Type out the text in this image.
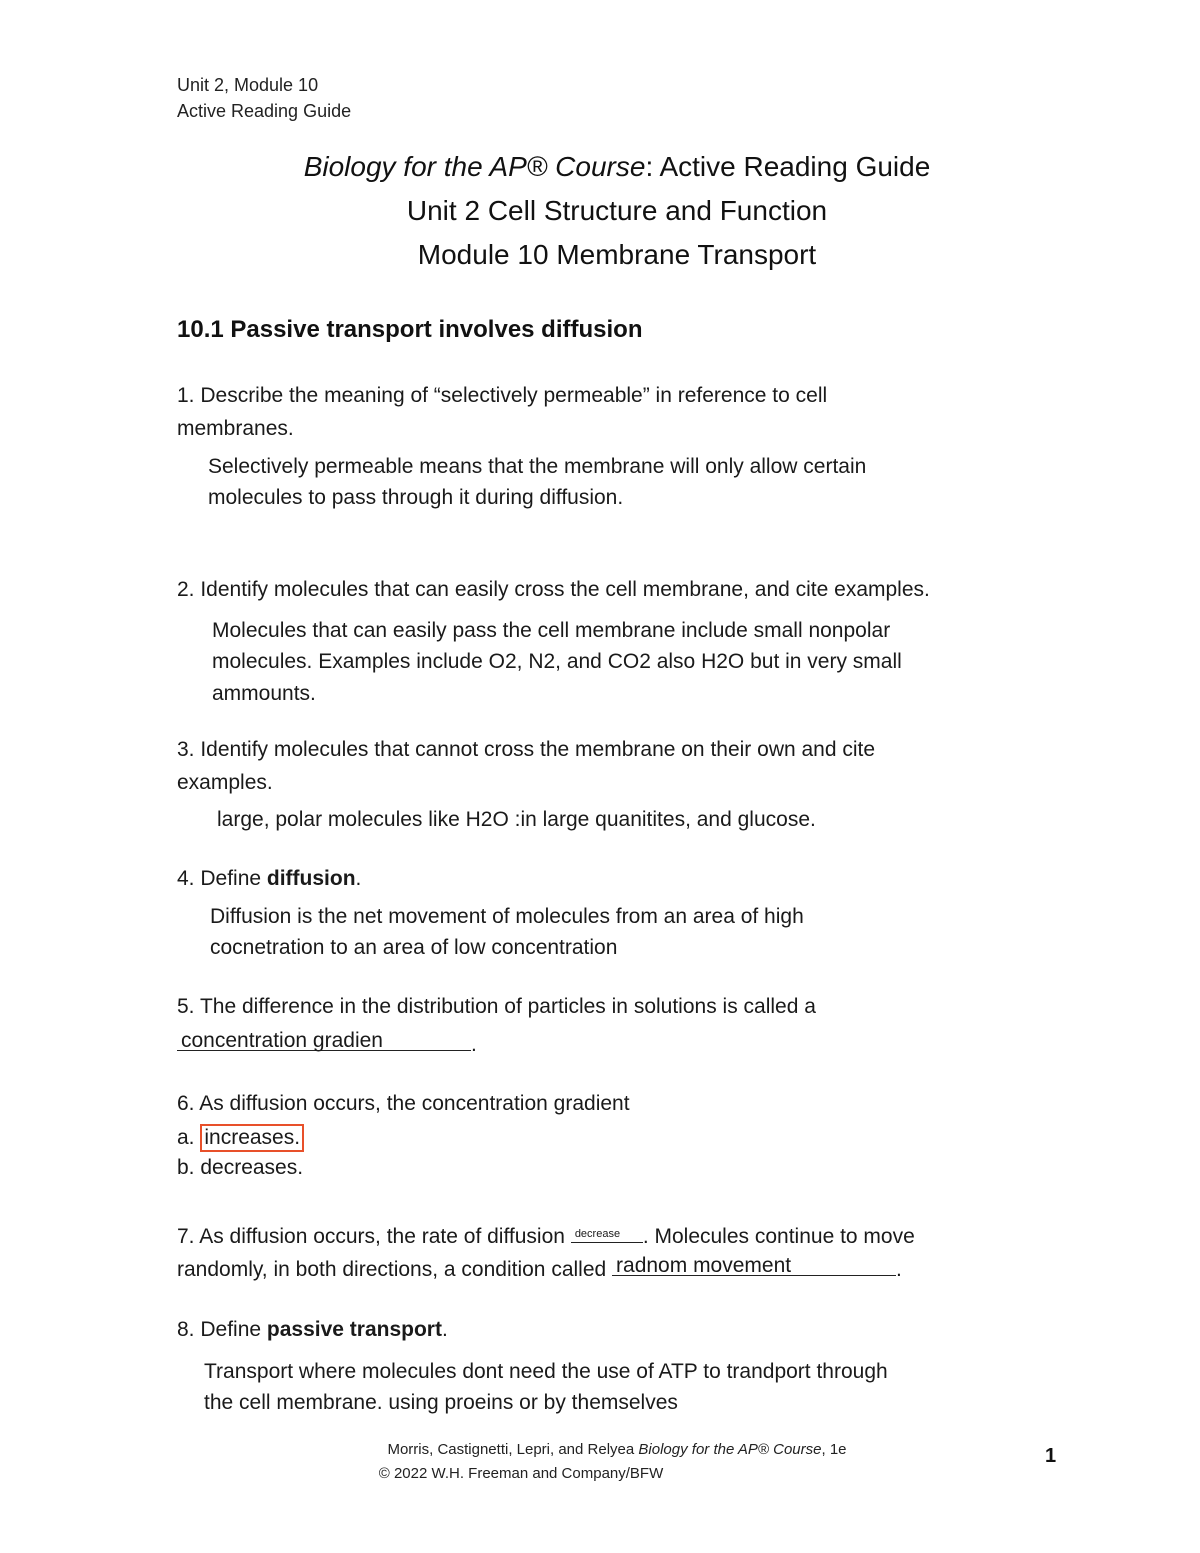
Unit 2, Module 10
Active Reading Guide
Biology for the AP® Course: Active Reading Guide
Unit 2 Cell Structure and Function
Module 10 Membrane Transport
10.1 Passive transport involves diffusion
1. Describe the meaning of “selectively permeable” in reference to cell
membranes.
Selectively permeable means that the membrane will only allow certain
molecules to pass through it during diffusion.
2. Identify molecules that can easily cross the cell membrane, and cite examples.
Molecules that can easily pass the cell membrane include small nonpolar
molecules. Examples include O2, N2, and CO2 also H2O but in very small
ammounts.
3. Identify molecules that cannot cross the membrane on their own and cite
examples.
large, polar molecules like H2O :in large quanitites, and glucose.
4. Define diffusion.
Diffusion is the net movement of molecules from an area of high
cocnetration to an area of low concentration
5. The difference in the distribution of particles in solutions is called a
concentration gradien	.
6. As diffusion occurs, the concentration gradient
a. increases.
b. decreases.
7. As diffusion occurs, the rate of diffusion decrease . Molecules continue to move
randomly, in both directions, a condition called radnom movement	.
8. Define passive transport.
Transport where molecules dont need the use of ATP to trandport through
the cell membrane. using proeins or by themselves
Morris, Castignetti, Lepri, and Relyea Biology for the AP® Course, 1e
© 2022 W.H. Freeman and Company/BFW
1
